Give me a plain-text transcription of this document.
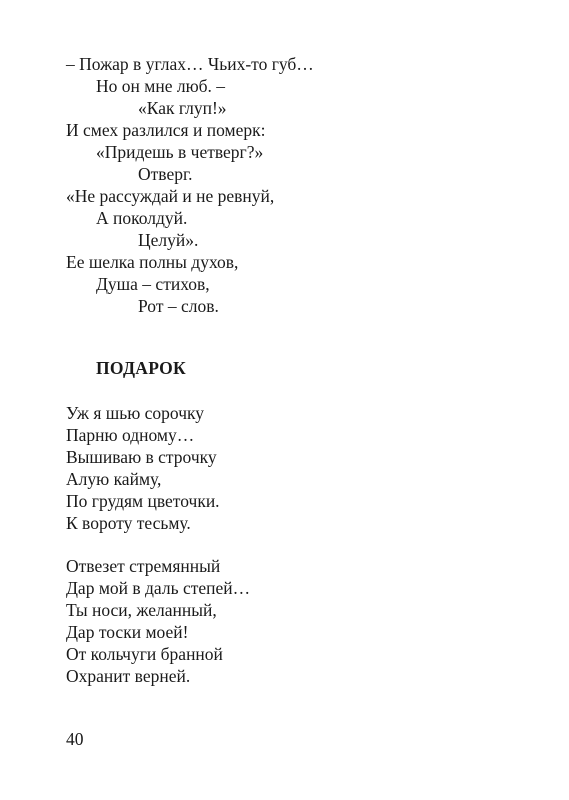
– Пожар в углах… Чьих-то губ…
Но он мне люб. –
«Как глуп!»
И смех разлился и померк:
«Придешь в четверг?»
Отверг.
«Не рассуждай и не ревнуй,
А поколдуй.
Целуй».
Ее шелка полны духов,
Душа – стихов,
Рот – слов.
ПОДАРОК
Уж я шью сорочку
Парню одному…
Вышиваю в строчку
Алую кайму,
По грудям цветочки.
К вороту тесьму.
Отвезет стремянный
Дар мой в даль степей…
Ты носи, желанный,
Дар тоски моей!
От кольчуги бранной
Охранит верней.
40
